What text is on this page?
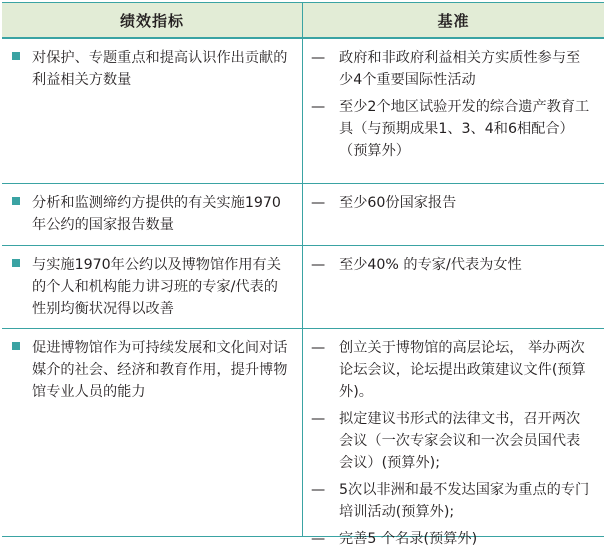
绩效指标	基准
对保护、专题重点和提高认识作出贡献的利益相关方数量
— 政府和非政府利益相关方实质性参与至少4个重要国际性活动
— 至少2个地区试验开发的综合遗产教育工具（与预期成果1、3、4和6相配合）（预算外）
分析和监测缔约方提供的有关实施1970年公约的国家报告数量
— 至少60份国家报告
与实施1970年公约以及博物馆作用有关的个人和机构能力讲习班的专家/代表的性别均衡状况得以改善
— 至少40% 的专家/代表为女性
促进博物馆作为可持续发展和文化间对话媒介的社会、经济和教育作用，提升博物馆专业人员的能力
— 创立关于博物馆的高层论坛， 举办两次论坛会议，论坛提出政策建议文件(预算外)。
— 拟定建议书形式的法律文书，召开两次会议（一次专家会议和一次会员国代表会议）(预算外);
— 5次以非洲和最不发达国家为重点的专门培训活动(预算外);
— 完善5 个名录(预算外)
